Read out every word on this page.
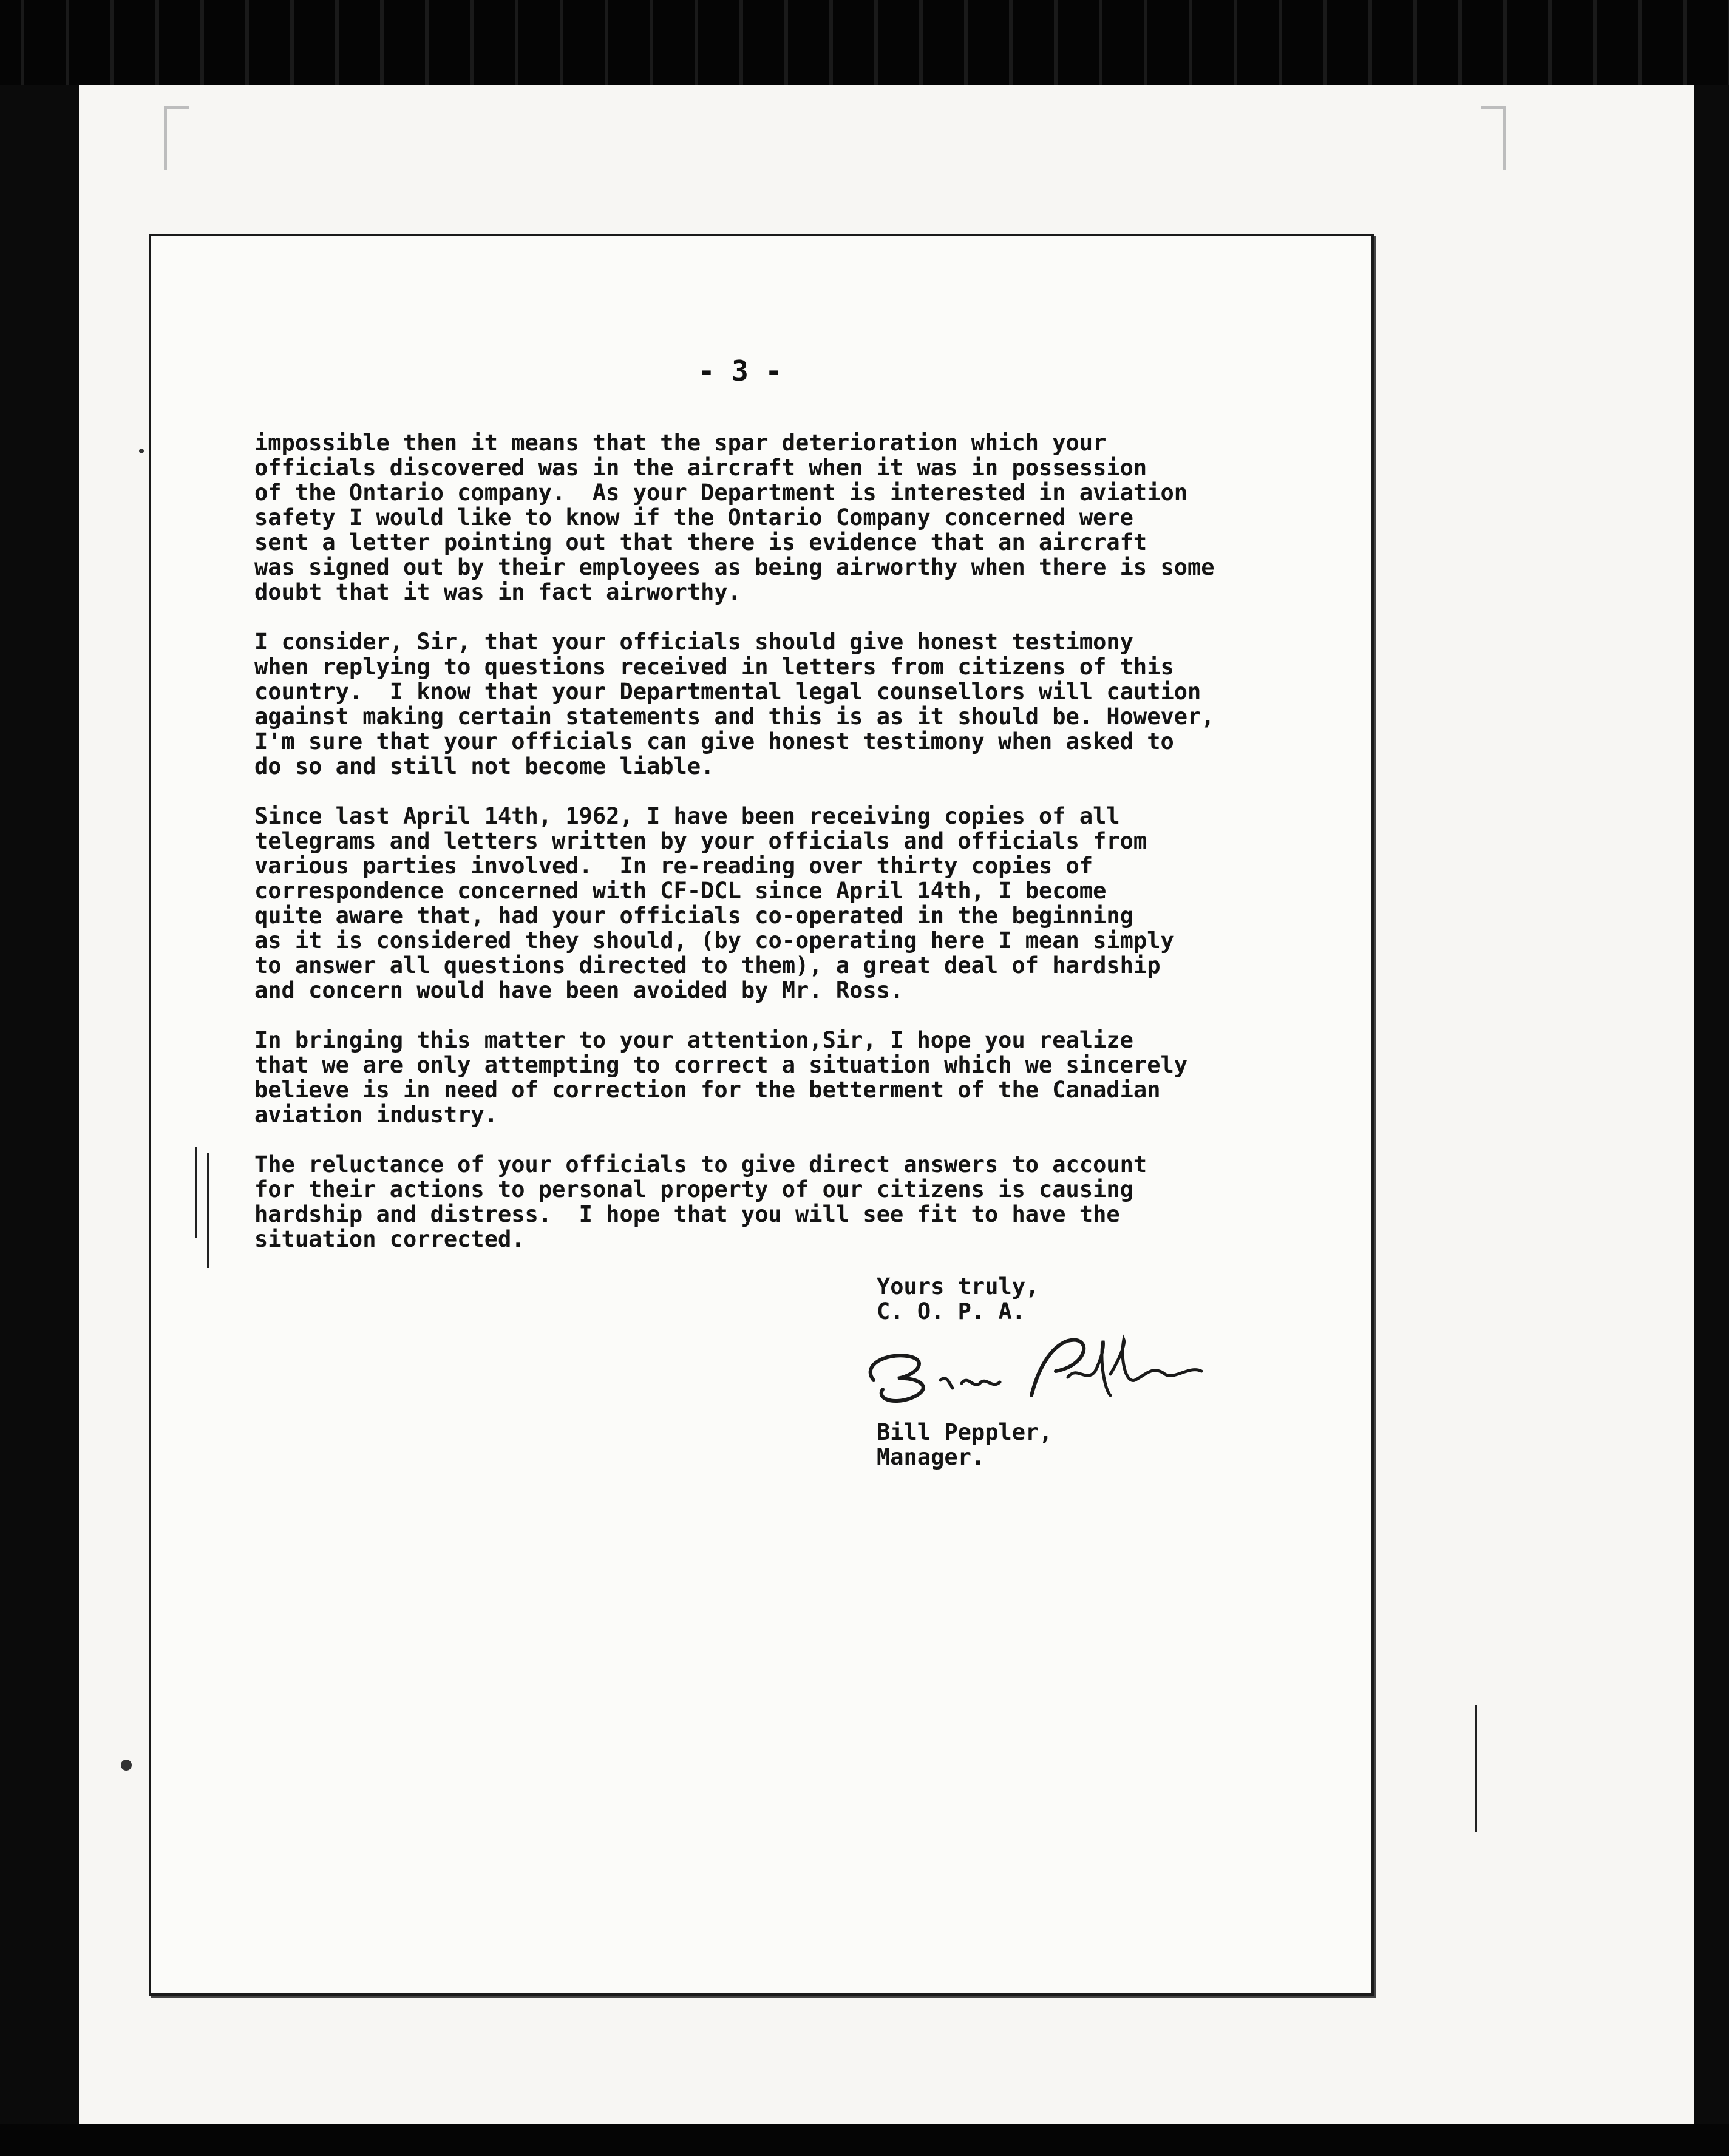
- 3 -

impossible then it means that the spar deterioration which your
officials discovered was in the aircraft when it was in possession
of the Ontario company.  As your Department is interested in aviation
safety I would like to know if the Ontario Company concerned were
sent a letter pointing out that there is evidence that an aircraft
was signed out by their employees as being airworthy when there is some
doubt that it was in fact airworthy.

I consider, Sir, that your officials should give honest testimony
when replying to questions received in letters from citizens of this
country.  I know that your Departmental legal counsellors will caution
against making certain statements and this is as it should be. However,
I'm sure that your officials can give honest testimony when asked to
do so and still not become liable.

Since last April 14th, 1962, I have been receiving copies of all
telegrams and letters written by your officials and officials from
various parties involved.  In re-reading over thirty copies of
correspondence concerned with CF-DCL since April 14th, I become
quite aware that, had your officials co-operated in the beginning
as it is considered they should, (by co-operating here I mean simply
to answer all questions directed to them), a great deal of hardship
and concern would have been avoided by Mr. Ross.

In bringing this matter to your attention,Sir, I hope you realize
that we are only attempting to correct a situation which we sincerely
believe is in need of correction for the betterment of the Canadian
aviation industry.

The reluctance of your officials to give direct answers to account
for their actions to personal property of our citizens is causing
hardship and distress.  I hope that you will see fit to have the
situation corrected.

Yours truly,
C. O. P. A.
Bill Peppler,
Manager.
